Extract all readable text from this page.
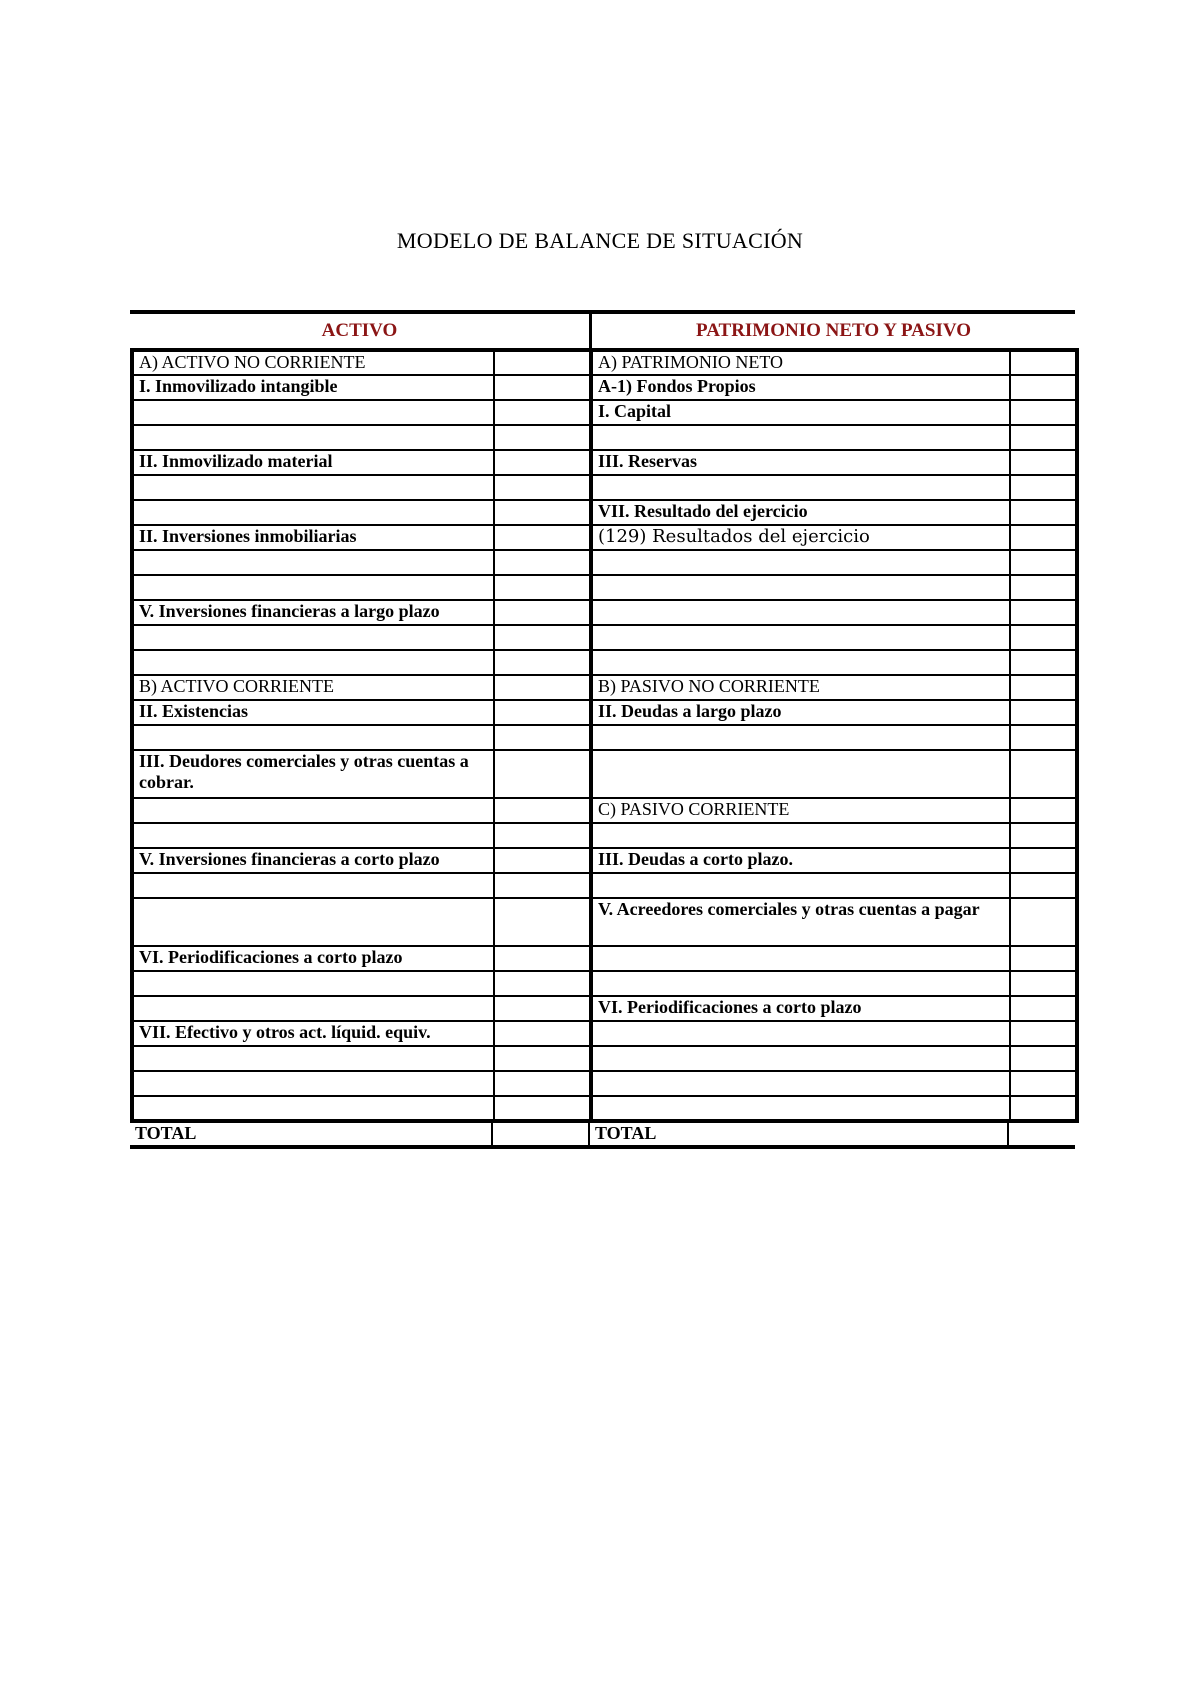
MODELO DE BALANCE DE SITUACIÓN
ACTIVO	PATRIMONIO NETO Y PASIVO
A) ACTIVO NO CORRIENTE		A) PATRIMONIO NETO	
I. Inmovilizado intangible		A-1) Fondos Propios	
		I. Capital	

II. Inmovilizado material		III. Reservas	

		VII. Resultado del ejercicio	
II. Inversiones inmobiliarias		(129) Resultados del ejercicio	

V. Inversiones financieras a largo plazo			

B) ACTIVO CORRIENTE		B) PASIVO NO CORRIENTE	
II. Existencias		II. Deudas a largo plazo	

III. Deudores comerciales y otras cuentas a cobrar.			
		C) PASIVO CORRIENTE	

V. Inversiones financieras a corto plazo		III. Deudas a corto plazo.	

		V. Acreedores comerciales y otras cuentas a pagar	
VI. Periodificaciones a corto plazo			

		VI. Periodificaciones a corto plazo	
VII. Efectivo y otros act. líquid. equiv.			

TOTAL		TOTAL	
